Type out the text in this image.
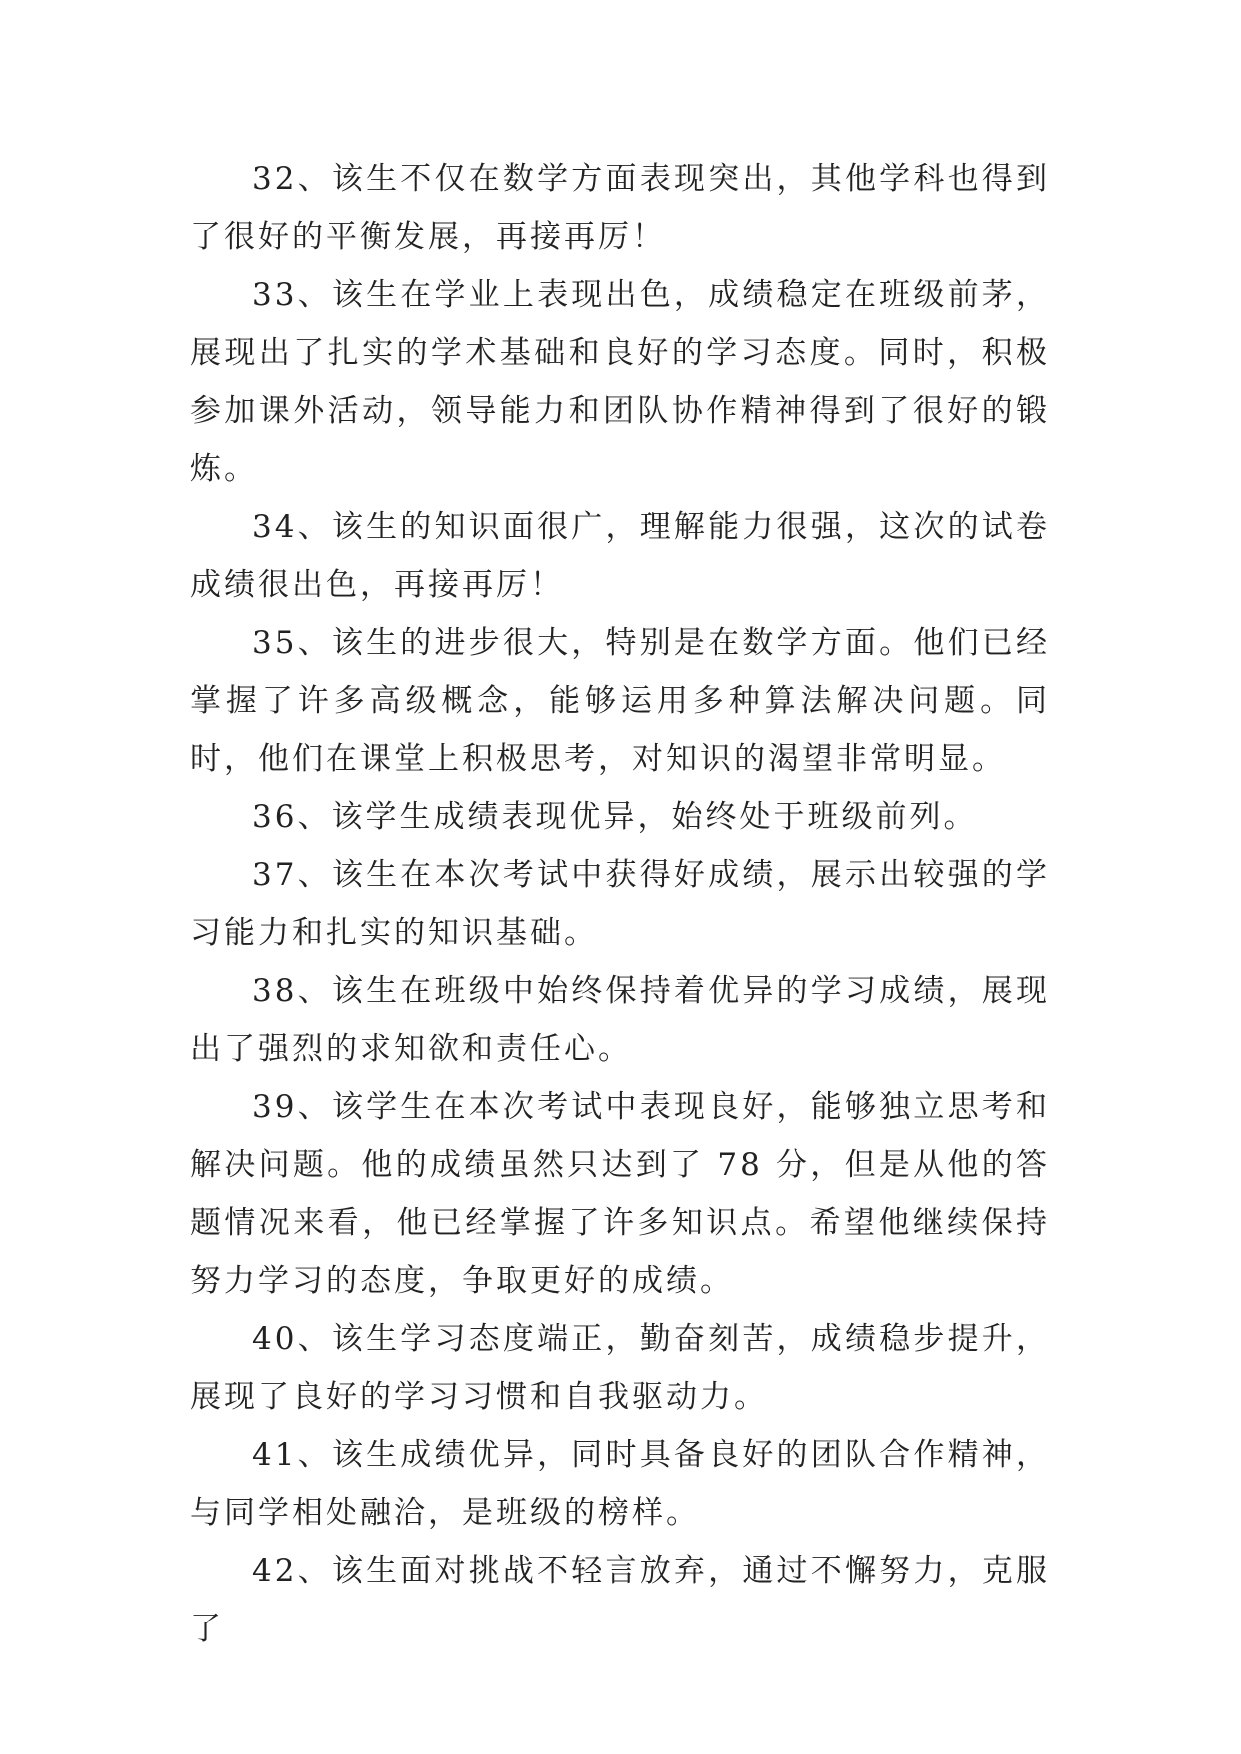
32、该生不仅在数学方面表现突出，其他学科也得到了很好的平衡发展，再接再厉！

33、该生在学业上表现出色，成绩稳定在班级前茅，展现出了扎实的学术基础和良好的学习态度。同时，积极参加课外活动，领导能力和团队协作精神得到了很好的锻炼。

34、该生的知识面很广，理解能力很强，这次的试卷成绩很出色，再接再厉！

35、该生的进步很大，特别是在数学方面。他们已经掌握了许多高级概念，能够运用多种算法解决问题。同时，他们在课堂上积极思考，对知识的渴望非常明显。

36、该学生成绩表现优异，始终处于班级前列。

37、该生在本次考试中获得好成绩，展示出较强的学习能力和扎实的知识基础。

38、该生在班级中始终保持着优异的学习成绩，展现出了强烈的求知欲和责任心。

39、该学生在本次考试中表现良好，能够独立思考和解决问题。他的成绩虽然只达到了 78 分，但是从他的答题情况来看，他已经掌握了许多知识点。希望他继续保持努力学习的态度，争取更好的成绩。

40、该生学习态度端正，勤奋刻苦，成绩稳步提升，展现了良好的学习习惯和自我驱动力。

41、该生成绩优异，同时具备良好的团队合作精神，与同学相处融洽，是班级的榜样。

42、该生面对挑战不轻言放弃，通过不懈努力，克服了
